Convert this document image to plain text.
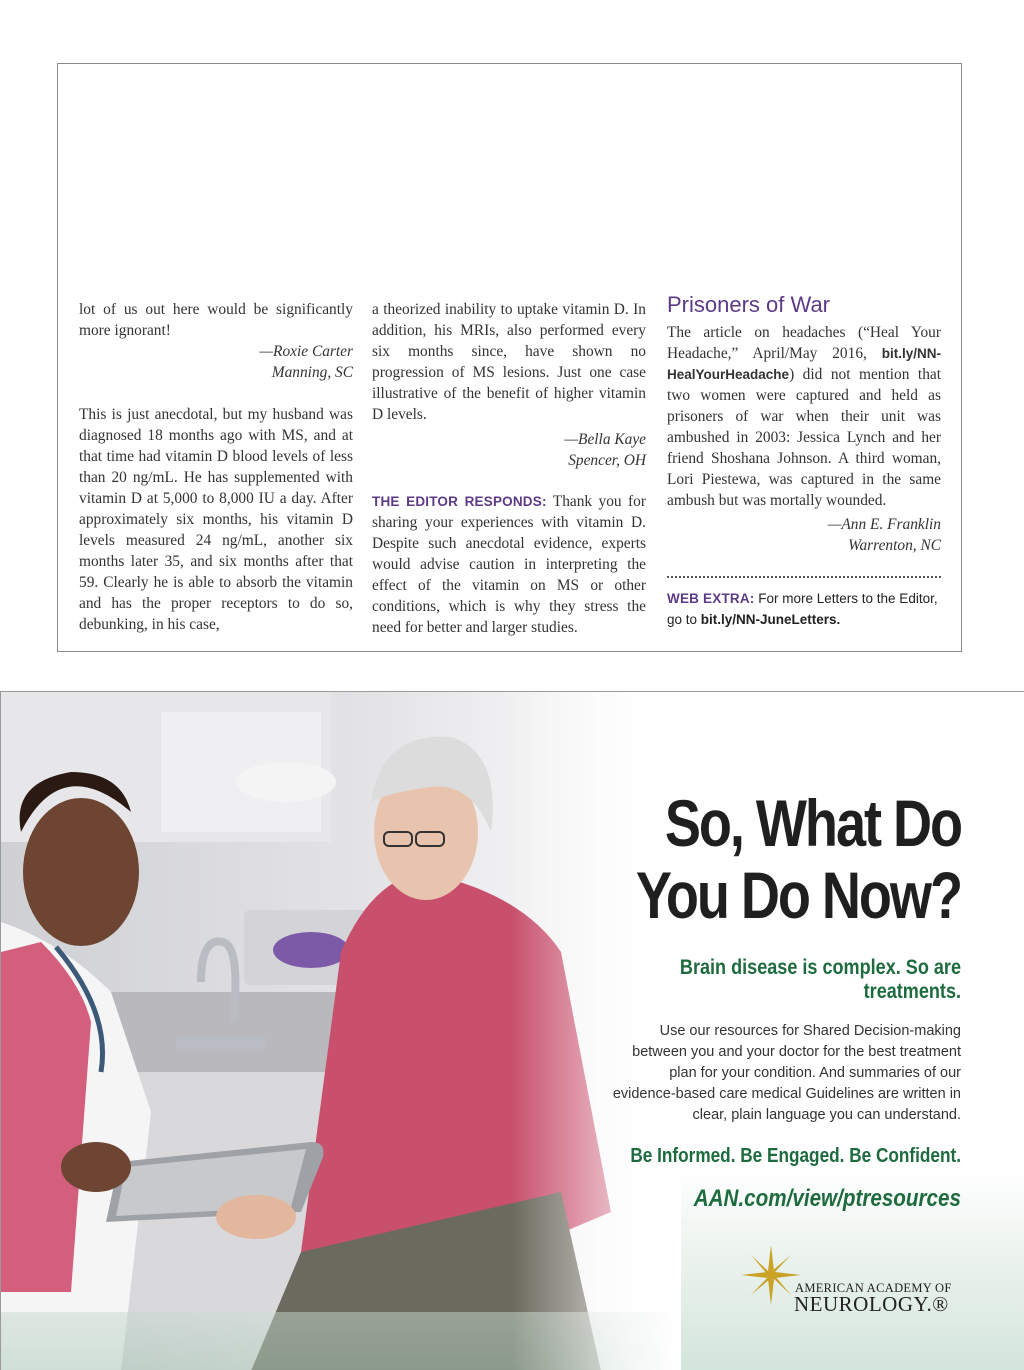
lot of us out here would be significantly more ignorant!

—Roxie Carter

Manning, SC

This is just anecdotal, but my husband was diagnosed 18 months ago with MS, and at that time had vitamin D blood levels of less than 20 ng/mL. He has supplemented with vitamin D at 5,000 to 8,000 IU a day. After approximately six months, his vitamin D levels measured 24 ng/mL, another six months later 35, and six months after that 59. Clearly he is able to absorb the vitamin and has the proper receptors to do so, debunking, in his case,

a theorized inability to uptake vitamin D. In addition, his MRIs, also performed every six months since, have shown no progression of MS lesions. Just one case illustrative of the benefit of higher vitamin D levels.

—Bella Kaye

Spencer, OH

THE EDITOR RESPONDS: Thank you for sharing your experiences with vitamin D. Despite such anecdotal evidence, experts would advise caution in interpreting the effect of the vitamin on MS or other conditions, which is why they stress the need for better and larger studies.

Prisoners of War

The article on headaches (“Heal Your Headache,” April/May 2016, bit.ly/NN-HealYourHeadache) did not mention that two women were captured and held as prisoners of war when their unit was ambushed in 2003: Jessica Lynch and her friend Shoshana Johnson. A third woman, Lori Piestewa, was captured in the same ambush but was mortally wounded.

—Ann E. Franklin

Warrenton, NC

WEB EXTRA: For more Letters to the Editor, go to bit.ly/NN-JuneLetters.

So, What Do
You Do Now?
Brain disease is complex. So are treatments.
Use our resources for Shared Decision-making between you and your doctor for the best treatment plan for your condition. And summaries of our evidence-based care medical Guidelines are written in clear, plain language you can understand.
Be Informed. Be Engaged. Be Confident.
AAN.com/view/ptresources
AMERICAN ACADEMY OF
NEUROLOGY.®
